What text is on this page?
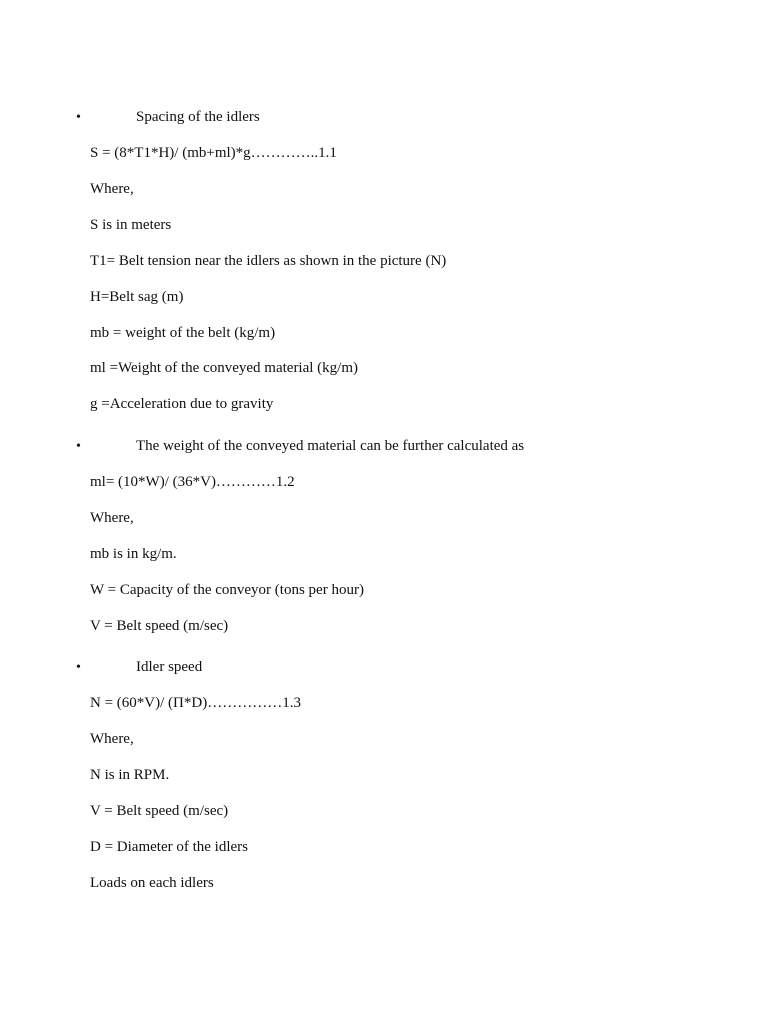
•	Spacing of the idlers
S = (8*T1*H)/ (mb+ml)*g…………..1.1
Where,
S is in meters
T1= Belt tension near the idlers as shown in the picture (N)
H=Belt sag (m)
mb = weight of the belt (kg/m)
ml =Weight of the conveyed material (kg/m)
g =Acceleration due to gravity
•	The weight of the conveyed material can be further calculated as
ml= (10*W)/ (36*V)…………1.2
Where,
mb is in kg/m.
W = Capacity of the conveyor (tons per hour)
V = Belt speed (m/sec)
•	Idler speed
N = (60*V)/ (Π*D)……………1.3
Where,
N is in RPM.
V = Belt speed (m/sec)
D = Diameter of the idlers
Loads on each idlers
